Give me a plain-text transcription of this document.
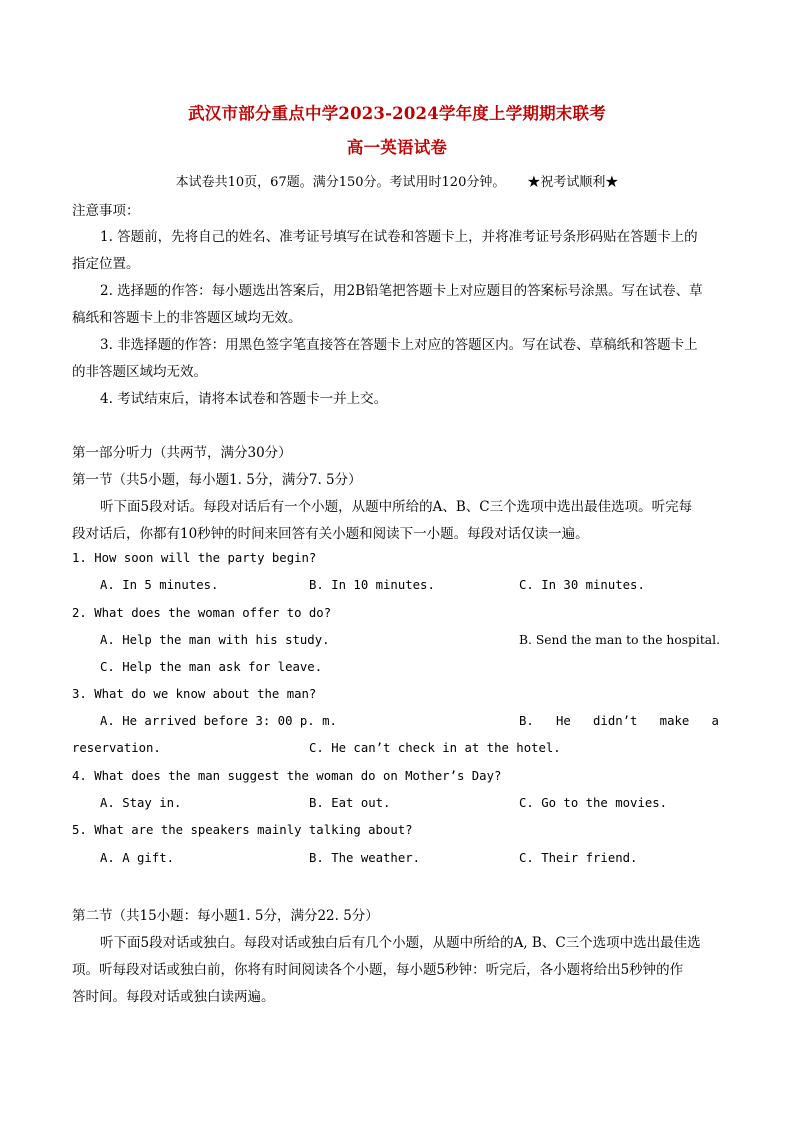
武汉市部分重点中学2023-2024学年度上学期期末联考
高一英语试卷
本试卷共10页，67题。满分150分。考试用时120分钟。 ★祝考试顺利★
注意事项：
1. 答题前，先将自己的姓名、准考证号填写在试卷和答题卡上，并将准考证号条形码贴在答题卡上的
指定位置。
2. 选择题的作答：每小题选出答案后，用2B铅笔把答题卡上对应题目的答案标号涂黑。写在试卷、草
稿纸和答题卡上的非答题区域均无效。
3. 非选择题的作答：用黑色签字笔直接答在答题卡上对应的答题区内。写在试卷、草稿纸和答题卡上
的非答题区域均无效。
4. 考试结束后，请将本试卷和答题卡一并上交。
第一部分听力（共两节，满分30分）
第一节（共5小题，每小题1. 5分，满分7. 5分）
听下面5段对话。每段对话后有一个小题，从题中所给的A、B、C三个选项中选出最佳选项。听完每
段对话后，你都有10秒钟的时间来回答有关小题和阅读下一小题。每段对话仅读一遍。
1. How soon will the party begin?
A. In 5 minutes.	B. In 10 minutes.	C. In 30 minutes.
2. What does the woman offer to do?
A. Help the man with his study.	B. Send the man to the hospital.
C. Help the man ask for leave.
3. What do we know about the man?
A. He arrived before 3: 00 p. m.	B.   He   didn’t   make   a
reservation.	C. He can’t check in at the hotel.
4. What does the man suggest the woman do on Mother’s Day?
A. Stay in.	B. Eat out.	C. Go to the movies.
5. What are the speakers mainly talking about?
A. A gift.	B. The weather.	C. Their friend.
第二节（共15小题：每小题1. 5分，满分22. 5分）
听下面5段对话或独白。每段对话或独白后有几个小题，从题中所给的A, B、C三个选项中选出最佳选
项。听每段对话或独白前，你将有时间阅读各个小题，每小题5秒钟：听完后，各小题将给出5秒钟的作
答时间。每段对话或独白读两遍。
